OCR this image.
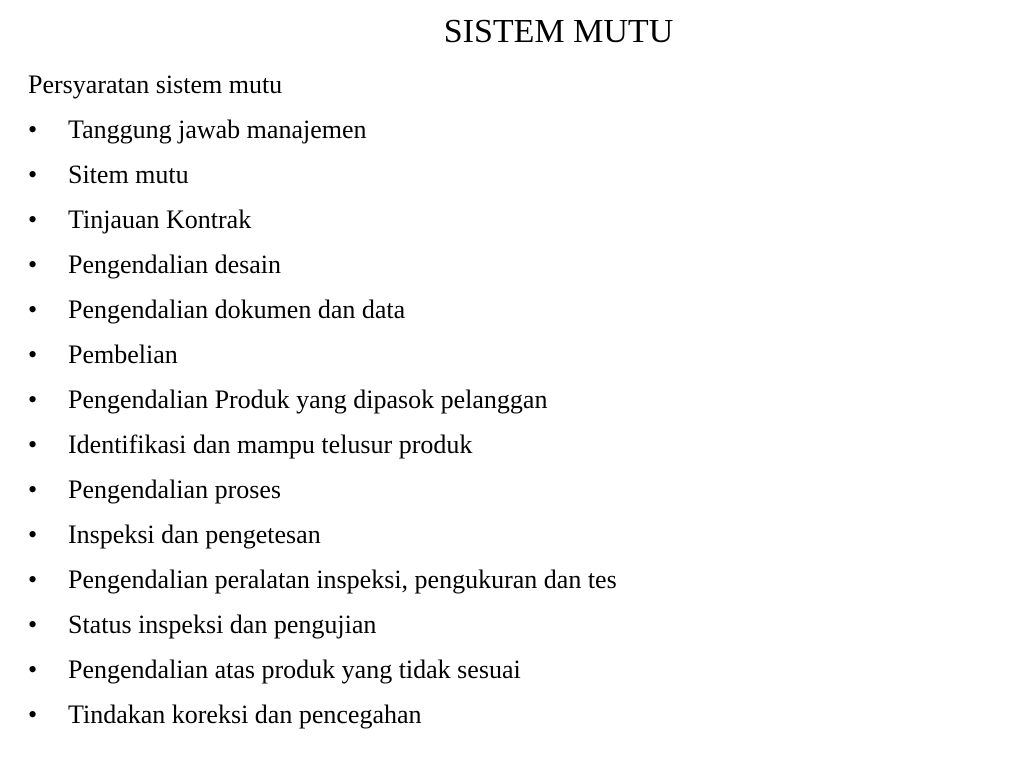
SISTEM MUTU
Persyaratan sistem mutu
•	Tanggung jawab manajemen
•	Sitem mutu
•	Tinjauan Kontrak
•	Pengendalian desain
•	Pengendalian dokumen dan data
•	Pembelian
•	Pengendalian Produk yang dipasok pelanggan
•	Identifikasi dan mampu telusur produk
•	Pengendalian proses
•	Inspeksi dan pengetesan
•	Pengendalian peralatan inspeksi, pengukuran dan tes
•	Status inspeksi dan pengujian
•	Pengendalian atas produk yang tidak sesuai
•	Tindakan koreksi dan pencegahan
